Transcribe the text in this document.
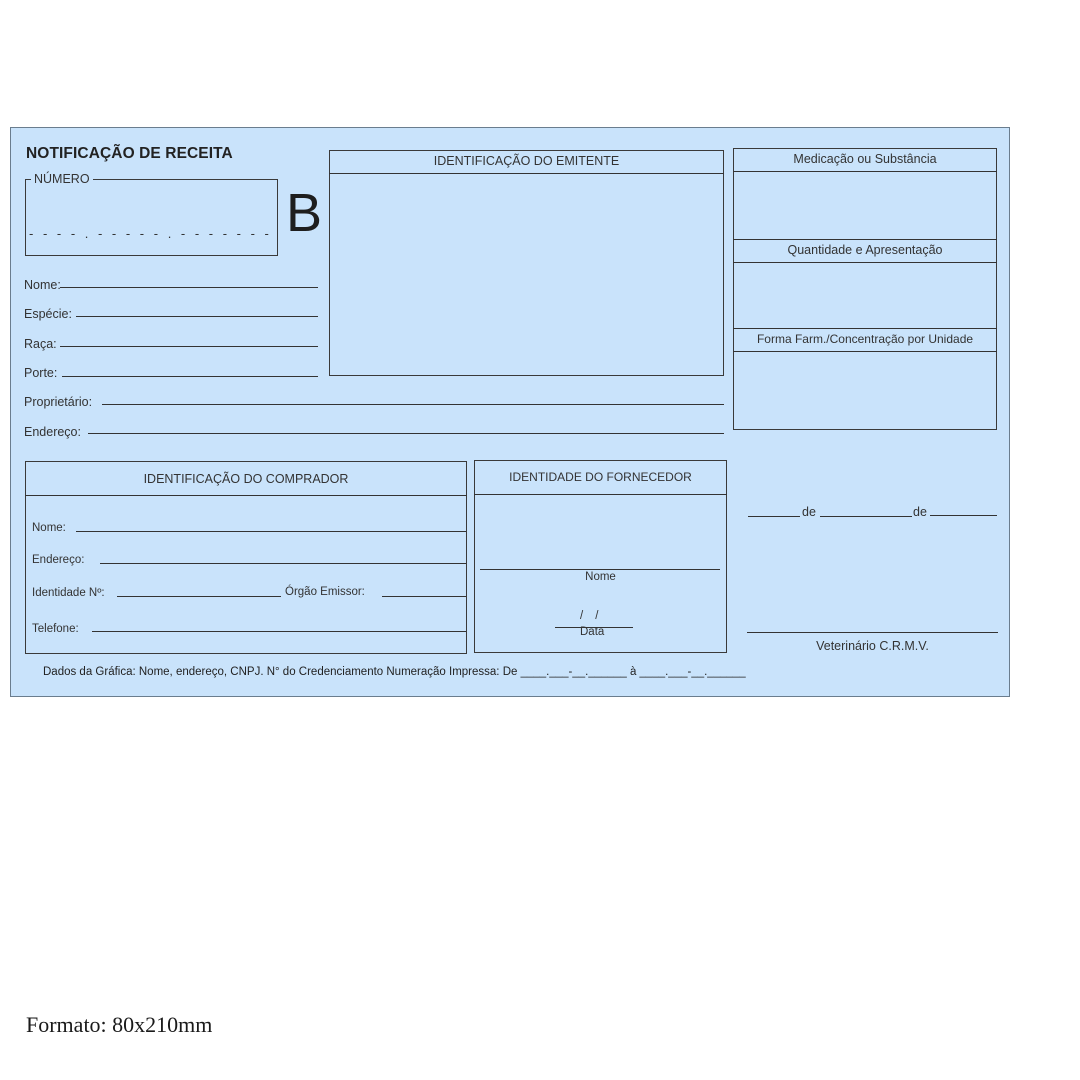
NOTIFICAÇÃO DE RECEITA
NÚMERO
- - - - . - - - - - . - - - - - - - B
Nome:
Espécie:
Raça:
Porte:
Proprietário:
Endereço:
IDENTIFICAÇÃO DO EMITENTE	Medicação ou Substância
Quantidade e Apresentação
Forma Farm./Concentração por Unidade
IDENTIFICAÇÃO DO COMPRADOR
Nome:
Endereço:
Identidade Nº:	Órgão Emissor:
Telefone:
IDENTIDADE DO FORNECEDOR
Nome
//
Data
de	de
Veterinário C.R.M.V.
Dados da Gráfica: Nome, endereço, CNPJ. N° do Credenciamento Numeração Impressa: De ____.___-__.______ à ____.___-__.______
Formato: 80x210mm
